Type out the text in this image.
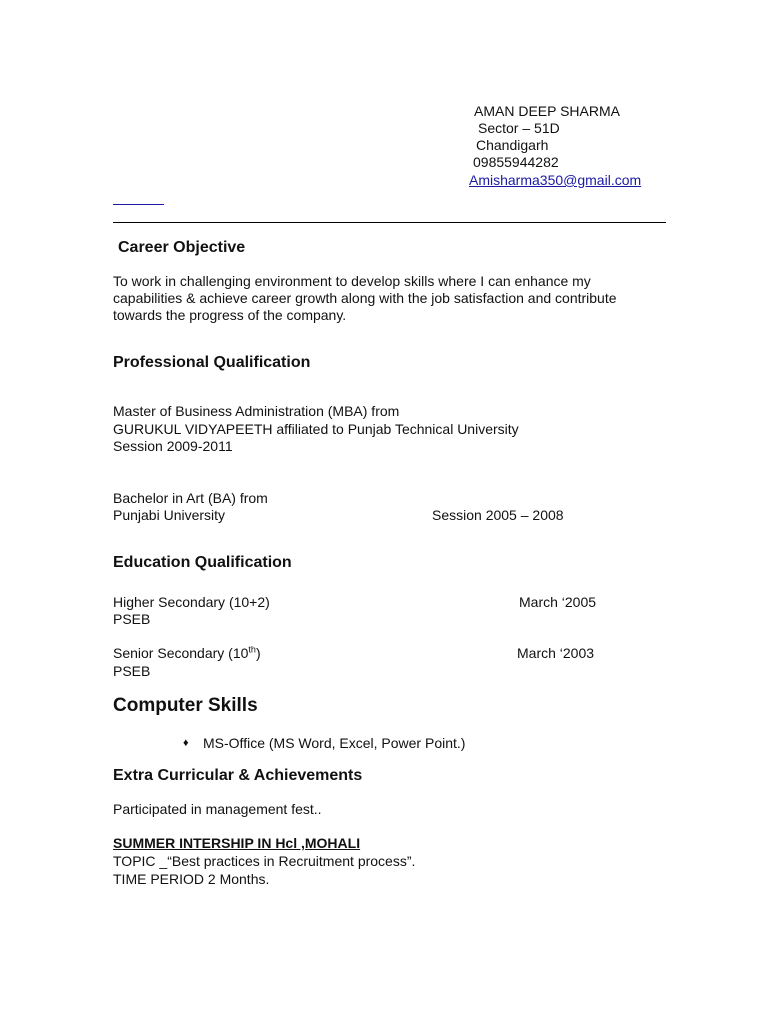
AMAN DEEP SHARMA
Sector – 51D
Chandigarh
09855944282
Amisharma350@gmail.com
Career Objective
To work in challenging environment to develop skills where I can enhance my
capabilities & achieve career growth along with the job satisfaction and contribute
towards the progress of the company.
Professional Qualification
Master of Business Administration (MBA) from
GURUKUL VIDYAPEETH affiliated to Punjab Technical University
Session 2009-2011
Bachelor in Art (BA) from
Punjabi University	Session 2005 – 2008
Education Qualification
Higher Secondary (10+2)	March ‘2005
PSEB
Senior Secondary (10th)	March ‘2003
PSEB
Computer Skills
♦ MS-Office (MS Word, Excel, Power Point.)
Extra Curricular & Achievements
Participated in management fest..
SUMMER INTERSHIP IN Hcl ,MOHALI
TOPIC _“Best practices in Recruitment process”.
TIME PERIOD 2 Months.
